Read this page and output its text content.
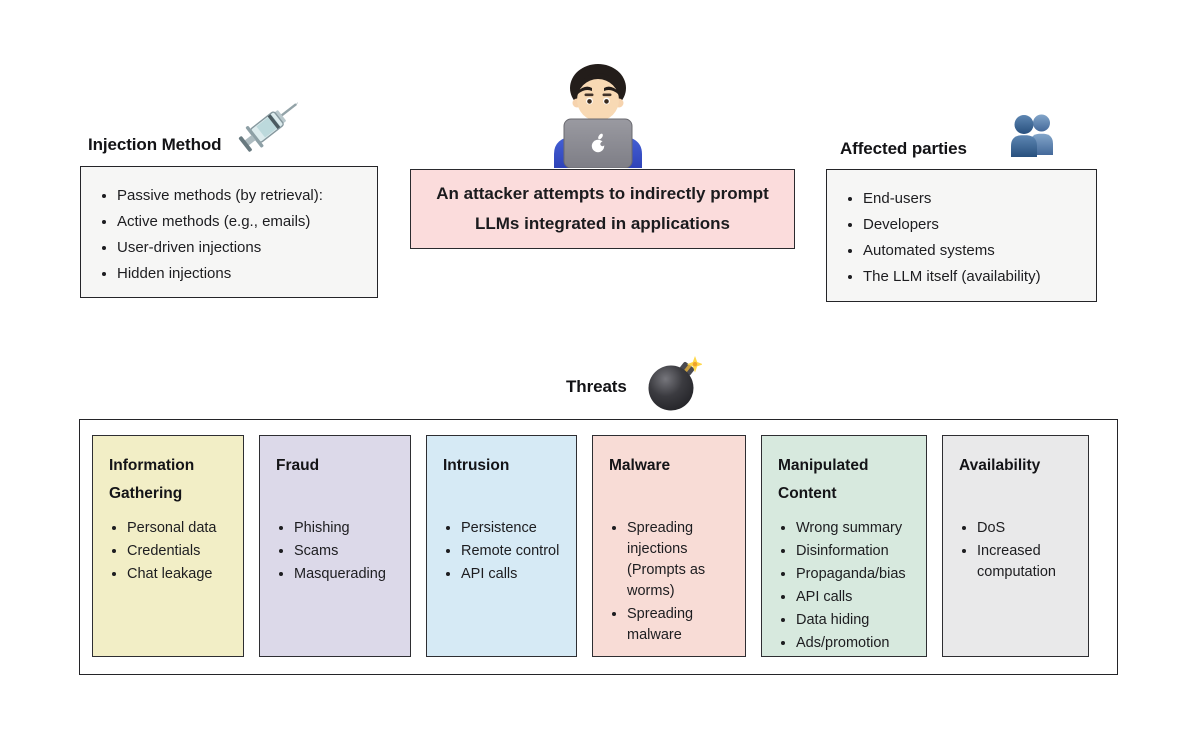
Injection Method
• Passive methods (by retrieval):
• Active methods (e.g., emails)
• User-driven injections
• Hidden injections
An attacker attempts to indirectly prompt
LLMs integrated in applications
Affected parties
• End-users
• Developers
• Automated systems
• The LLM itself (availability)
Threats
Information Gathering
• Personal data
• Credentials
• Chat leakage
Fraud
• Phishing
• Scams
• Masquerading
Intrusion
• Persistence
• Remote control
• API calls
Malware
• Spreading injections (Prompts as worms)
• Spreading malware
Manipulated Content
• Wrong summary
• Disinformation
• Propaganda/bias
• API calls
• Data hiding
• Ads/promotion
Availability
• DoS
• Increased computation
